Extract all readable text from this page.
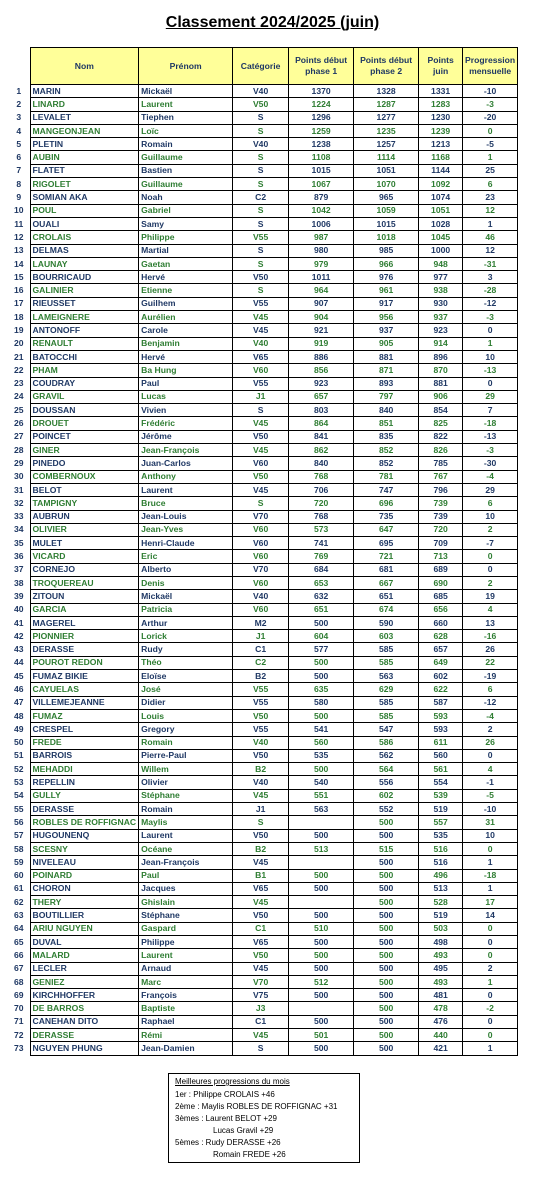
Classement 2024/2025 (juin)
	Nom	Prénom	Catégorie	Points début phase 1	Points début phase 2	Points juin	Progression mensuelle
1	MARIN	Mickaël	V40	1370	1328	1331	-10
2	LINARD	Laurent	V50	1224	1287	1283	-3
3	LEVALET	Tiephen	S	1296	1277	1230	-20
4	MANGEONJEAN	Loïc	S	1259	1235	1239	0
5	PLETIN	Romain	V40	1238	1257	1213	-5
6	AUBIN	Guillaume	S	1108	1114	1168	1
7	FLATET	Bastien	S	1015	1051	1144	25
8	RIGOLET	Guillaume	S	1067	1070	1092	6
9	SOMIAN AKA	Noah	C2	879	965	1074	23
10	POUL	Gabriel	S	1042	1059	1051	12
11	OUALI	Samy	S	1006	1015	1028	1
12	CROLAIS	Philippe	V55	987	1018	1045	46
13	DELMAS	Martial	S	980	985	1000	12
14	LAUNAY	Gaetan	S	979	966	948	-31
15	BOURRICAUD	Hervé	V50	1011	976	977	3
16	GALINIER	Etienne	S	964	961	938	-28
17	RIEUSSET	Guilhem	V55	907	917	930	-12
18	LAMEIGNERE	Aurélien	V45	904	956	937	-3
19	ANTONOFF	Carole	V45	921	937	923	0
20	RENAULT	Benjamin	V40	919	905	914	1
21	BATOCCHI	Hervé	V65	886	881	896	10
22	PHAM	Ba Hung	V60	856	871	870	-13
23	COUDRAY	Paul	V55	923	893	881	0
24	GRAVIL	Lucas	J1	657	797	906	29
25	DOUSSAN	Vivien	S	803	840	854	7
26	DROUET	Frédéric	V45	864	851	825	-18
27	POINCET	Jérôme	V50	841	835	822	-13
28	GINER	Jean-François	V45	862	852	826	-3
29	PINEDO	Juan-Carlos	V60	840	852	785	-30
30	COMBERNOUX	Anthony	V50	768	781	767	-4
31	BELOT	Laurent	V45	706	747	796	29
32	TAMPIGNY	Bruce	S	720	696	739	6
33	AUBRUN	Jean-Louis	V70	768	735	739	10
34	OLIVIER	Jean-Yves	V60	573	647	720	2
35	MULET	Henri-Claude	V60	741	695	709	-7
36	VICARD	Eric	V60	769	721	713	0
37	CORNEJO	Alberto	V70	684	681	689	0
38	TROQUEREAU	Denis	V60	653	667	690	2
39	ZITOUN	Mickaël	V40	632	651	685	19
40	GARCIA	Patricia	V60	651	674	656	4
41	MAGEREL	Arthur	M2	500	590	660	13
42	PIONNIER	Lorick	J1	604	603	628	-16
43	DERASSE	Rudy	C1	577	585	657	26
44	POUROT REDON	Théo	C2	500	585	649	22
45	FUMAZ BIKIE	Eloïse	B2	500	563	602	-19
46	CAYUELAS	José	V55	635	629	622	6
47	VILLEMEJEANNE	Didier	V55	580	585	587	-12
48	FUMAZ	Louis	V50	500	585	593	-4
49	CRESPEL	Gregory	V55	541	547	593	2
50	FREDE	Romain	V40	560	586	611	26
51	BARROIS	Pierre-Paul	V50	535	562	560	0
52	MEHADDI	Willem	B2	500	564	561	4
53	REPELLIN	Olivier	V40	540	556	554	-1
54	GULLY	Stéphane	V45	551	602	539	-5
55	DERASSE	Romain	J1	563	552	519	-10
56	ROBLES DE ROFFIGNAC	Maylis	S		500	557	31
57	HUGOUNENQ	Laurent	V50	500	500	535	10
58	SCESNY	Océane	B2	513	515	516	0
59	NIVELEAU	Jean-François	V45		500	516	1
60	POINARD	Paul	B1	500	500	496	-18
61	CHORON	Jacques	V65	500	500	513	1
62	THERY	Ghislain	V45		500	528	17
63	BOUTILLIER	Stéphane	V50	500	500	519	14
64	ARIU NGUYEN	Gaspard	C1	510	500	503	0
65	DUVAL	Philippe	V65	500	500	498	0
66	MALARD	Laurent	V50	500	500	493	0
67	LECLER	Arnaud	V45	500	500	495	2
68	GENIEZ	Marc	V70	512	500	493	1
69	KIRCHHOFFER	François	V75	500	500	481	0
70	DE BARROS	Baptiste	J3		500	478	-2
71	CANEHAN DITO	Raphael	C1	500	500	476	0
72	DERASSE	Rémi	V45	501	500	440	0
73	NGUYEN PHUNG	Jean-Damien	S	500	500	421	1
Meilleures progressions du mois
1er : Philippe CROLAIS +46
2ème : Maylis ROBLES DE ROFFIGNAC +31
3èmes : Laurent BELOT +29
Lucas Gravil +29
5èmes : Rudy DERASSE +26
Romain FREDE +26
